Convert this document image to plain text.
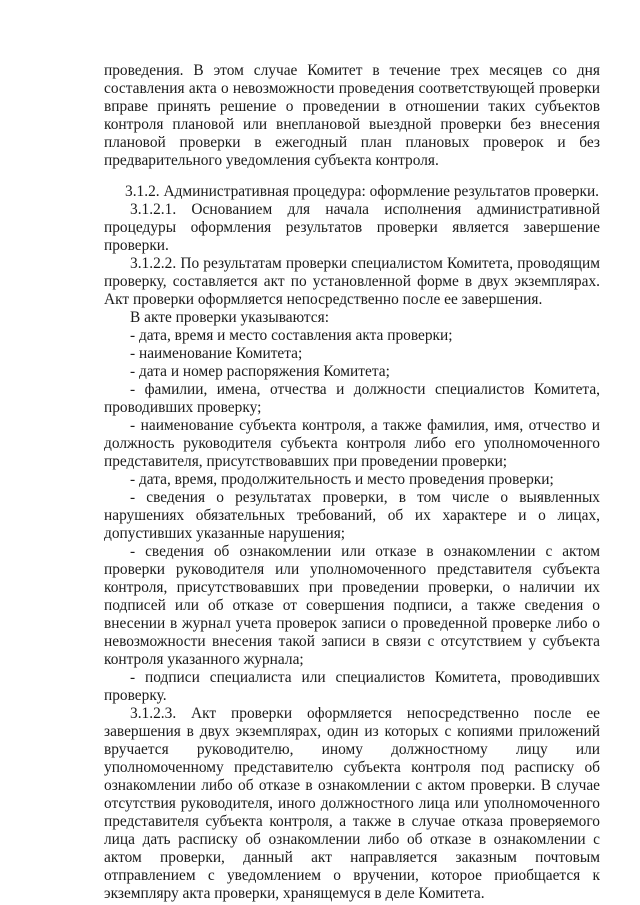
проведения. В этом случае Комитет в течение трех месяцев со дня составления акта о невозможности проведения соответствующей проверки вправе принять решение о проведении в отношении таких субъектов контроля плановой или внеплановой выездной проверки без внесения плановой проверки в ежегодный план плановых проверок и без предварительного уведомления субъекта контроля.

3.1.2. Административная процедура: оформление результатов проверки.

3.1.2.1. Основанием для начала исполнения административной процедуры оформления результатов проверки является завершение проверки.

3.1.2.2. По результатам проверки специалистом Комитета, проводящим проверку, составляется акт по установленной форме в двух экземплярах. Акт проверки оформляется непосредственно после ее завершения.

В акте проверки указываются:

- дата, время и место составления акта проверки;

- наименование Комитета;

- дата и номер распоряжения Комитета;

- фамилии, имена, отчества и должности специалистов Комитета, проводивших проверку;

- наименование субъекта контроля, а также фамилия, имя, отчество и должность руководителя субъекта контроля либо его уполномоченного представителя, присутствовавших при проведении проверки;

- дата, время, продолжительность и место проведения проверки;

- сведения о результатах проверки, в том числе о выявленных нарушениях обязательных требований, об их характере и о лицах, допустивших указанные нарушения;

- сведения об ознакомлении или отказе в ознакомлении с актом проверки руководителя или уполномоченного представителя субъекта контроля, присутствовавших при проведении проверки, о наличии их подписей или об отказе от совершения подписи, а также сведения о внесении в журнал учета проверок записи о проведенной проверке либо о невозможности внесения такой записи в связи с отсутствием у субъекта контроля указанного журнала;

- подписи специалиста или специалистов Комитета, проводивших проверку.

3.1.2.3. Акт проверки оформляется непосредственно после ее завершения в двух экземплярах, один из которых с копиями приложений вручается руководителю, иному должностному лицу или уполномоченному представителю субъекта контроля под расписку об ознакомлении либо об отказе в ознакомлении с актом проверки. В случае отсутствия руководителя, иного должностного лица или уполномоченного представителя субъекта контроля, а также в случае отказа проверяемого лица дать расписку об ознакомлении либо об отказе в ознакомлении с актом проверки, данный акт направляется заказным почтовым отправлением с уведомлением о вручении, которое приобщается к экземпляру акта проверки, хранящемуся в деле Комитета.
